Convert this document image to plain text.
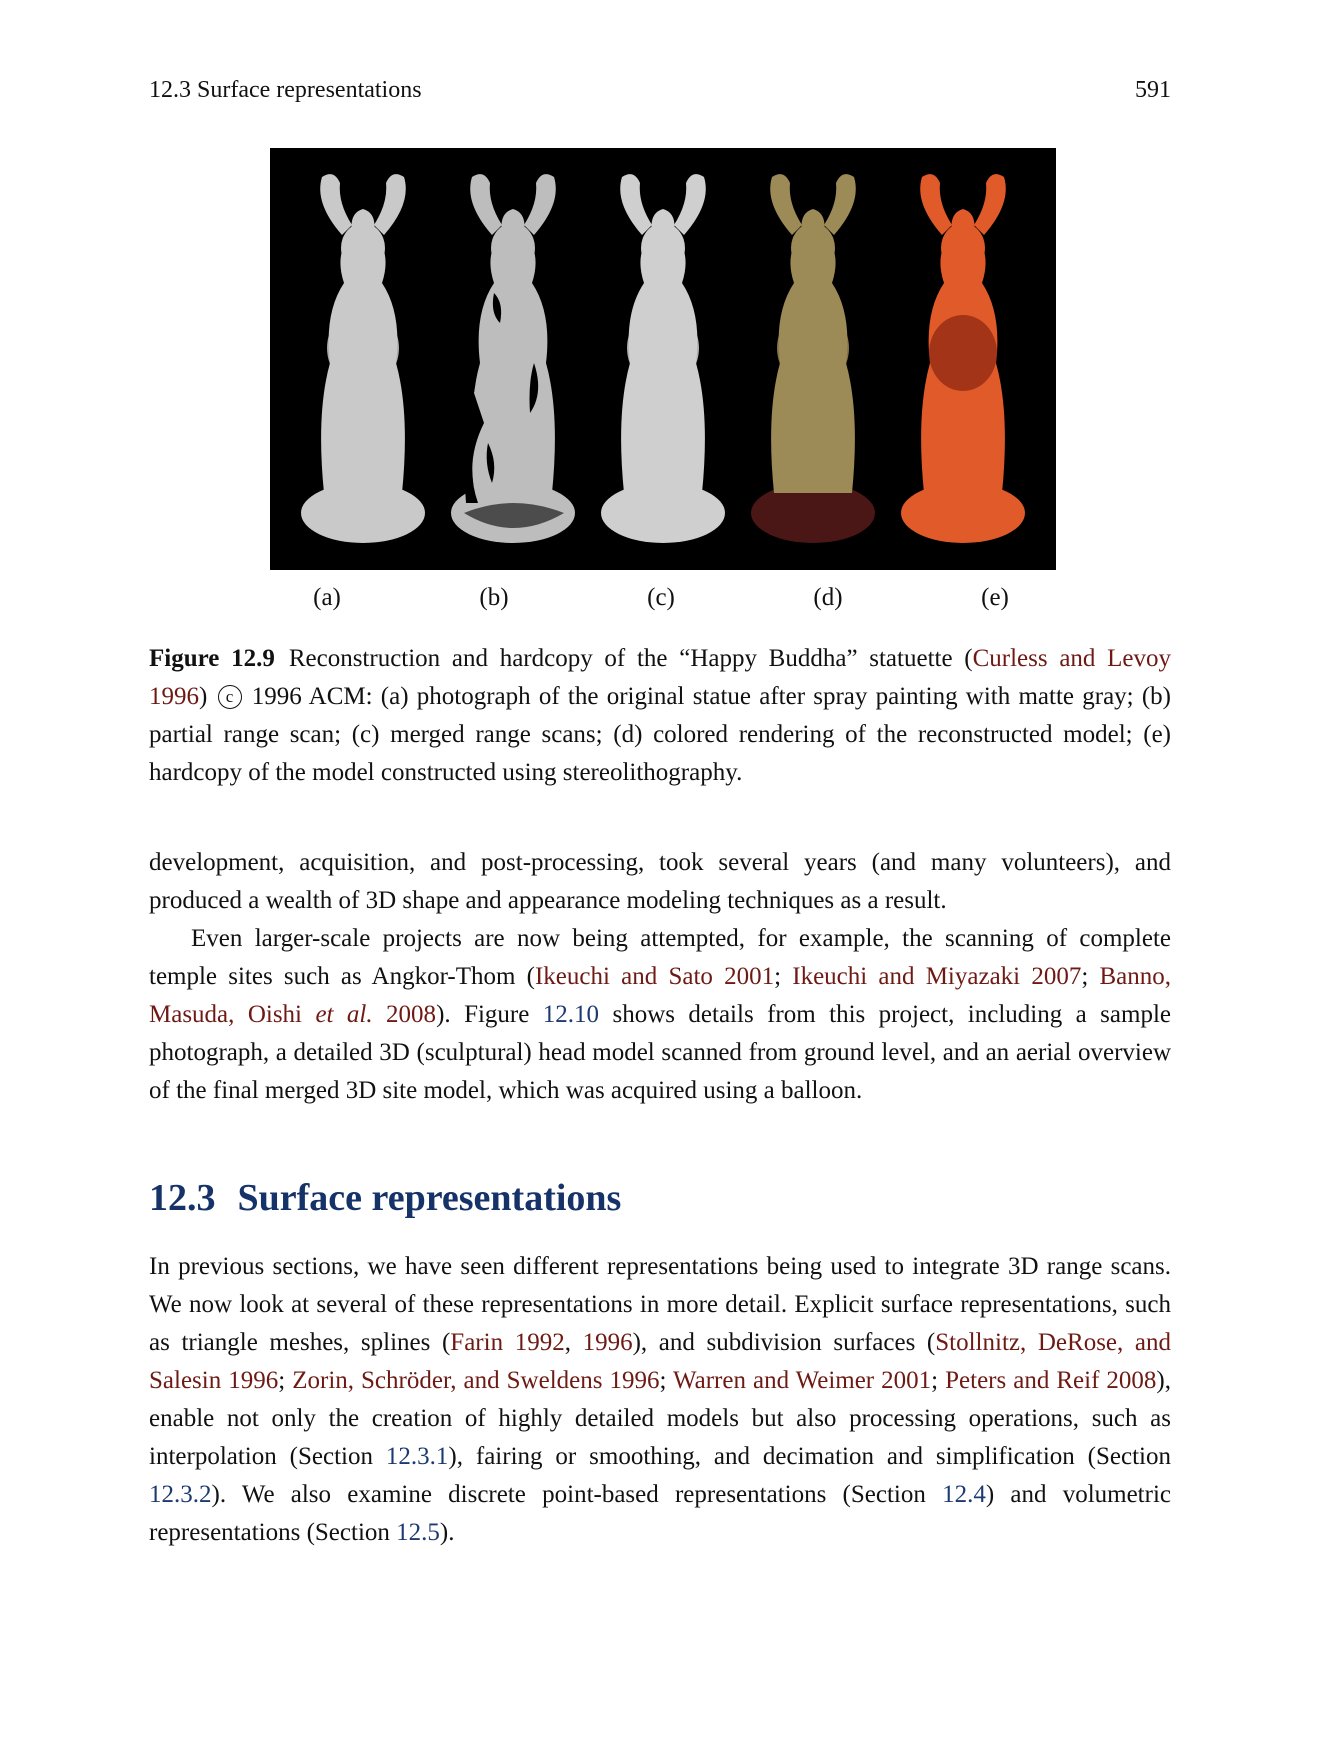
12.3 Surface representations	591
(a)	(b)	(c)	(d)	(e)
Figure 12.9 Reconstruction and hardcopy of the “Happy Buddha” statuette (Curless and Levoy 1996) c 1996 ACM: (a) photograph of the original statue after spray painting with matte gray; (b) partial range scan; (c) merged range scans; (d) colored rendering of the reconstructed model; (e) hardcopy of the model constructed using stereolithography.

development, acquisition, and post-processing, took several years (and many volunteers), and produced a wealth of 3D shape and appearance modeling techniques as a result.

Even larger-scale projects are now being attempted, for example, the scanning of complete temple sites such as Angkor-Thom (Ikeuchi and Sato 2001; Ikeuchi and Miyazaki 2007; Banno, Masuda, Oishi et al. 2008). Figure 12.10 shows details from this project, including a sample photograph, a detailed 3D (sculptural) head model scanned from ground level, and an aerial overview of the final merged 3D site model, which was acquired using a balloon.

12.3 Surface representations

In previous sections, we have seen different representations being used to integrate 3D range scans. We now look at several of these representations in more detail. Explicit surface representations, such as triangle meshes, splines (Farin 1992, 1996), and subdivision surfaces (Stollnitz, DeRose, and Salesin 1996; Zorin, Schröder, and Sweldens 1996; Warren and Weimer 2001; Peters and Reif 2008), enable not only the creation of highly detailed models but also processing operations, such as interpolation (Section 12.3.1), fairing or smoothing, and decimation and simplification (Section 12.3.2). We also examine discrete point-based representations (Section 12.4) and volumetric representations (Section 12.5).
